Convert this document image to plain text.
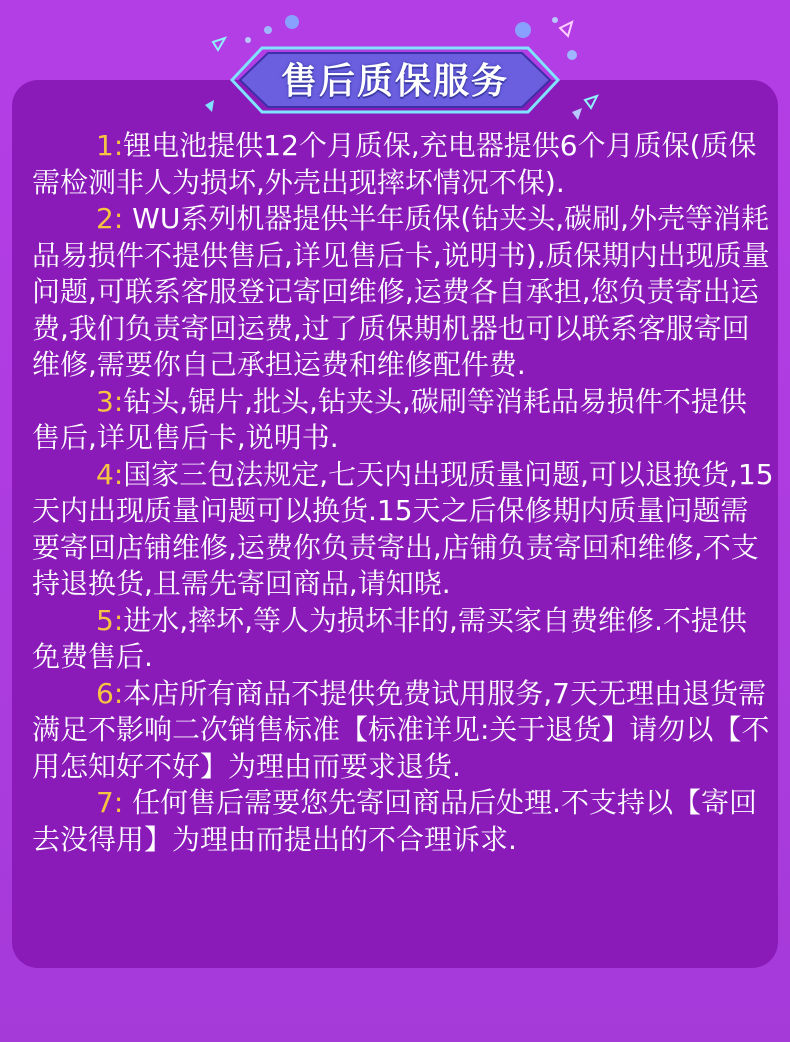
售后质保服务

1:锂电池提供12个月质保,充电器提供6个月质保(质保需检测非人为损坏,外壳出现摔坏情况不保).

2: WU系列机器提供半年质保(钻夹头,碳刷,外壳等消耗品易损件不提供售后,详见售后卡,说明书),质保期内出现质量问题,可联系客服登记寄回维修,运费各自承担,您负责寄出运费,我们负责寄回运费,过了质保期机器也可以联系客服寄回维修,需要你自己承担运费和维修配件费.

3:钻头,锯片,批头,钻夹头,碳刷等消耗品易损件不提供售后,详见售后卡,说明书.

4:国家三包法规定,七天内出现质量问题,可以退换货,15天内出现质量问题可以换货.15天之后保修期内质量问题需要寄回店铺维修,运费你负责寄出,店铺负责寄回和维修,不支持退换货,且需先寄回商品,请知晓.

5:进水,摔坏,等人为损坏非的,需买家自费维修.不提供免费售后.

6:本店所有商品不提供免费试用服务,7天无理由退货需满足不影响二次销售标准【标准详见:关于退货】请勿以【不用怎知好不好】为理由而要求退货.

7: 任何售后需要您先寄回商品后处理.不支持以【寄回去没得用】为理由而提出的不合理诉求.
